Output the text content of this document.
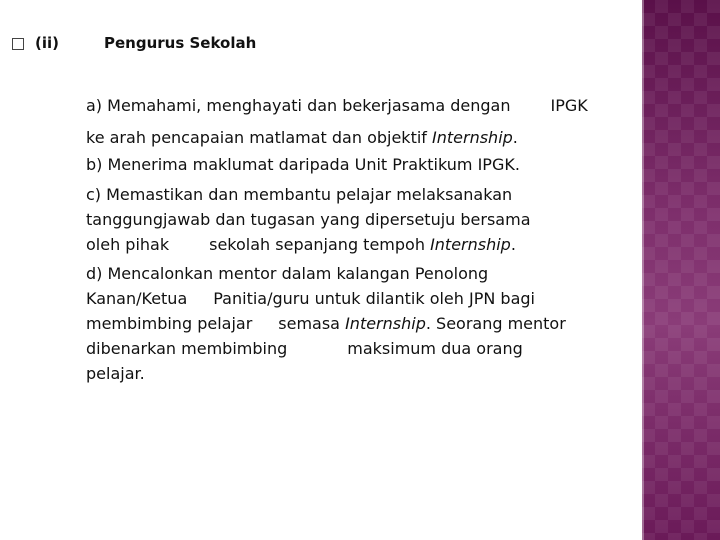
(ii)	Pengurus Sekolah
a) Memahami, menghayati dan bekerjasama dengan	IPGK
ke arah pencapaian matlamat dan objektif Internship.
b) Menerima maklumat daripada Unit Praktikum IPGK.
c) Memastikan dan membantu pelajar melaksanakan
tanggungjawab dan tugasan yang dipersetuju bersama
oleh pihak	sekolah sepanjang tempoh Internship.
d) Mencalonkan mentor dalam kalangan Penolong
Kanan/Ketua Panitia/guru untuk dilantik oleh JPN bagi
membimbing pelajar semasa Internship. Seorang mentor
dibenarkan membimbing	maksimum dua orang
pelajar.
